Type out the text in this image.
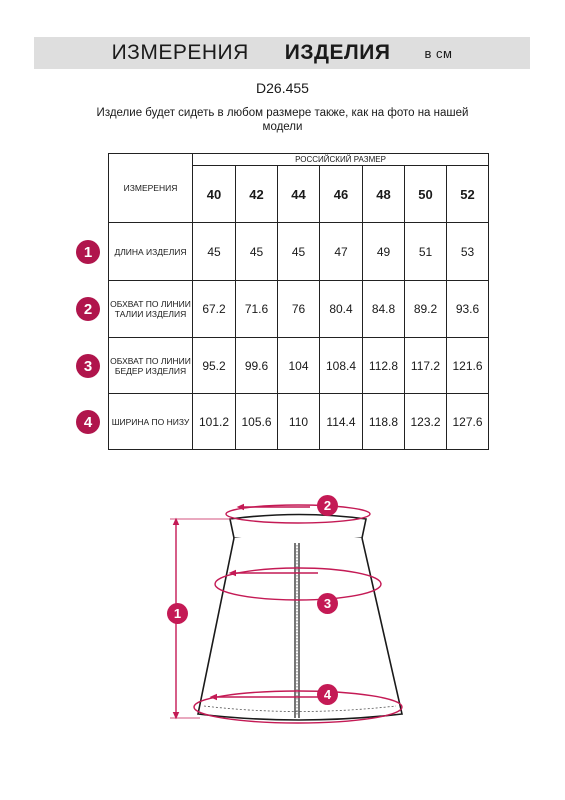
ИЗМЕРЕНИЯ ИЗДЕЛИЯ	в см
D26.455
Изделие будет сидеть в любом размере также, как на фото на нашей модели
ИЗМЕРЕНИЯ	РОССИЙСКИЙ РАЗМЕР						
	40	42	44	46	48	50	52
ДЛИНА ИЗДЕЛИЯ	45	45	45	47	49	51	53
ОБХВАТ ПО ЛИНИИ ТАЛИИ ИЗДЕЛИЯ	67.2	71.6	76	80.4	84.8	89.2	93.6
ОБХВАТ ПО ЛИНИИ БЕДЕР ИЗДЕЛИЯ	95.2	99.6	104	108.4	112.8	117.2	121.6
ШИРИНА ПО НИЗУ	101.2	105.6	110	114.4	118.8	123.2	127.6
1
2
3
4
1
2
3
4
